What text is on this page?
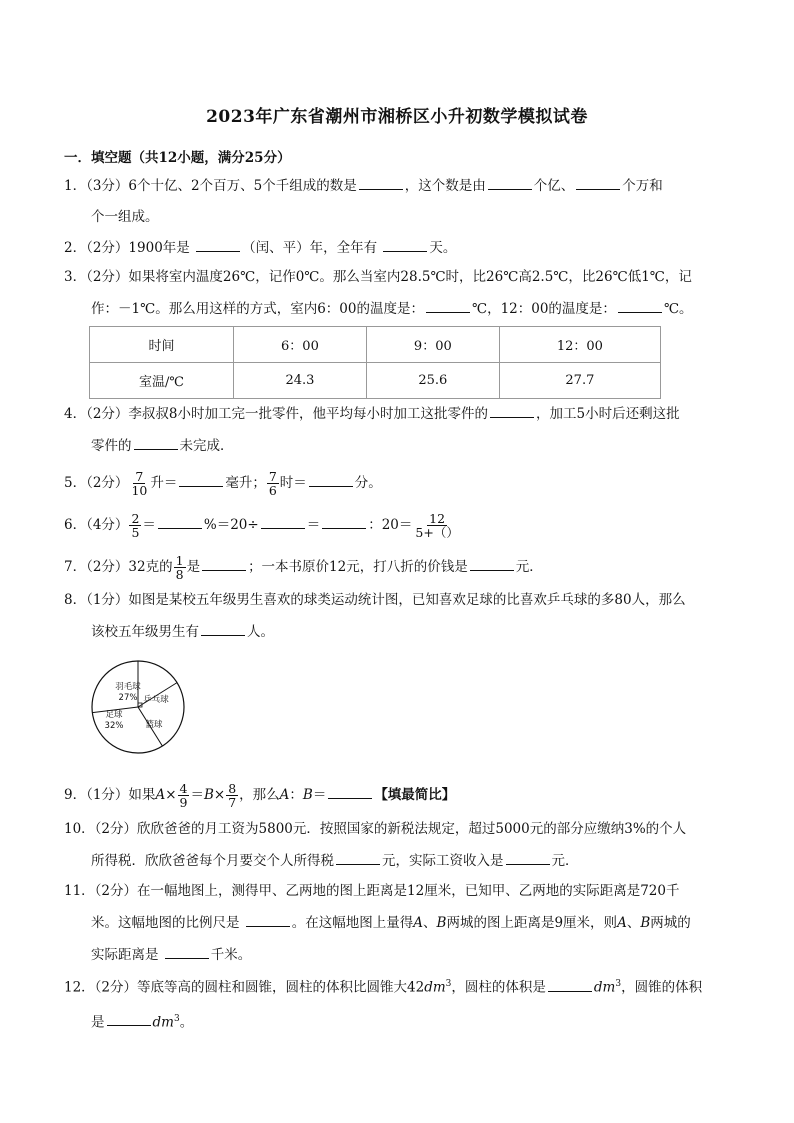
2023年广东省潮州市湘桥区小升初数学模拟试卷
一．填空题（共12小题，满分25分）
1．（3分）6个十亿、2个百万、5个千组成的数是	，这个数是由	个亿、	个万和
个一组成。
2．（2分）1900年是	（闰、平）年，全年有	天。
3．（2分）如果将室内温度26℃，记作0℃。那么当室内28.5℃时，比26℃高2.5℃，比26℃低1℃，记
作：－1℃。那么用这样的方式，室内6：00的温度是：	℃，12：00的温度是：	℃。
时间	6：00	9：00	12：00
室温/℃	24.3	25.6	27.7
4．（2分）李叔叔8小时加工完一批零件，他平均每小时加工这批零件的	，加工5小时后还剩这批
零件的	未完成．
5．（2分） $\frac{7}{10}$ 升＝	毫升； $\frac{7}{6}$ 时＝	分。
6．（4分） $\frac{2}{5}$ ＝	%＝20÷	＝	：$20= \frac{12}{5+()}$
7．（2分）32克的 $\frac{1}{8}$ 是	；一本书原价12元，打八折的价钱是	元．
8．（1分）如图是某校五年级男生喜欢的球类运动统计图，已知喜欢足球的比喜欢乒乓球的多80人，那么
该校五年级男生有	人。
羽毛球
27% 乒乓球
篮球
足球
32%
9．（1分）如果$A\times \frac{4}{9} =B\times \frac{8}{7}$ ，那么A：B＝	【填最简比】
10．（2分）欣欣爸爸的月工资为5800元．按照国家的新税法规定，超过5000元的部分应缴纳3%的个人
所得税．欣欣爸爸每个月要交个人所得税	元，实际工资收入是	元．
11．（2分）在一幅地图上，测得甲、乙两地的图上距离是12厘米，已知甲、乙两地的实际距离是720千
米。这幅地图的比例尺是	。在这幅地图上量得A、B两城的图上距离是9厘米，则A、B两城的
实际距离是	千米。
12．（2分）等底等高的圆柱和圆锥，圆柱的体积比圆锥大$42dm^3$，圆柱的体积是	$dm^3$，圆锥的体积
是	$dm^3$。
